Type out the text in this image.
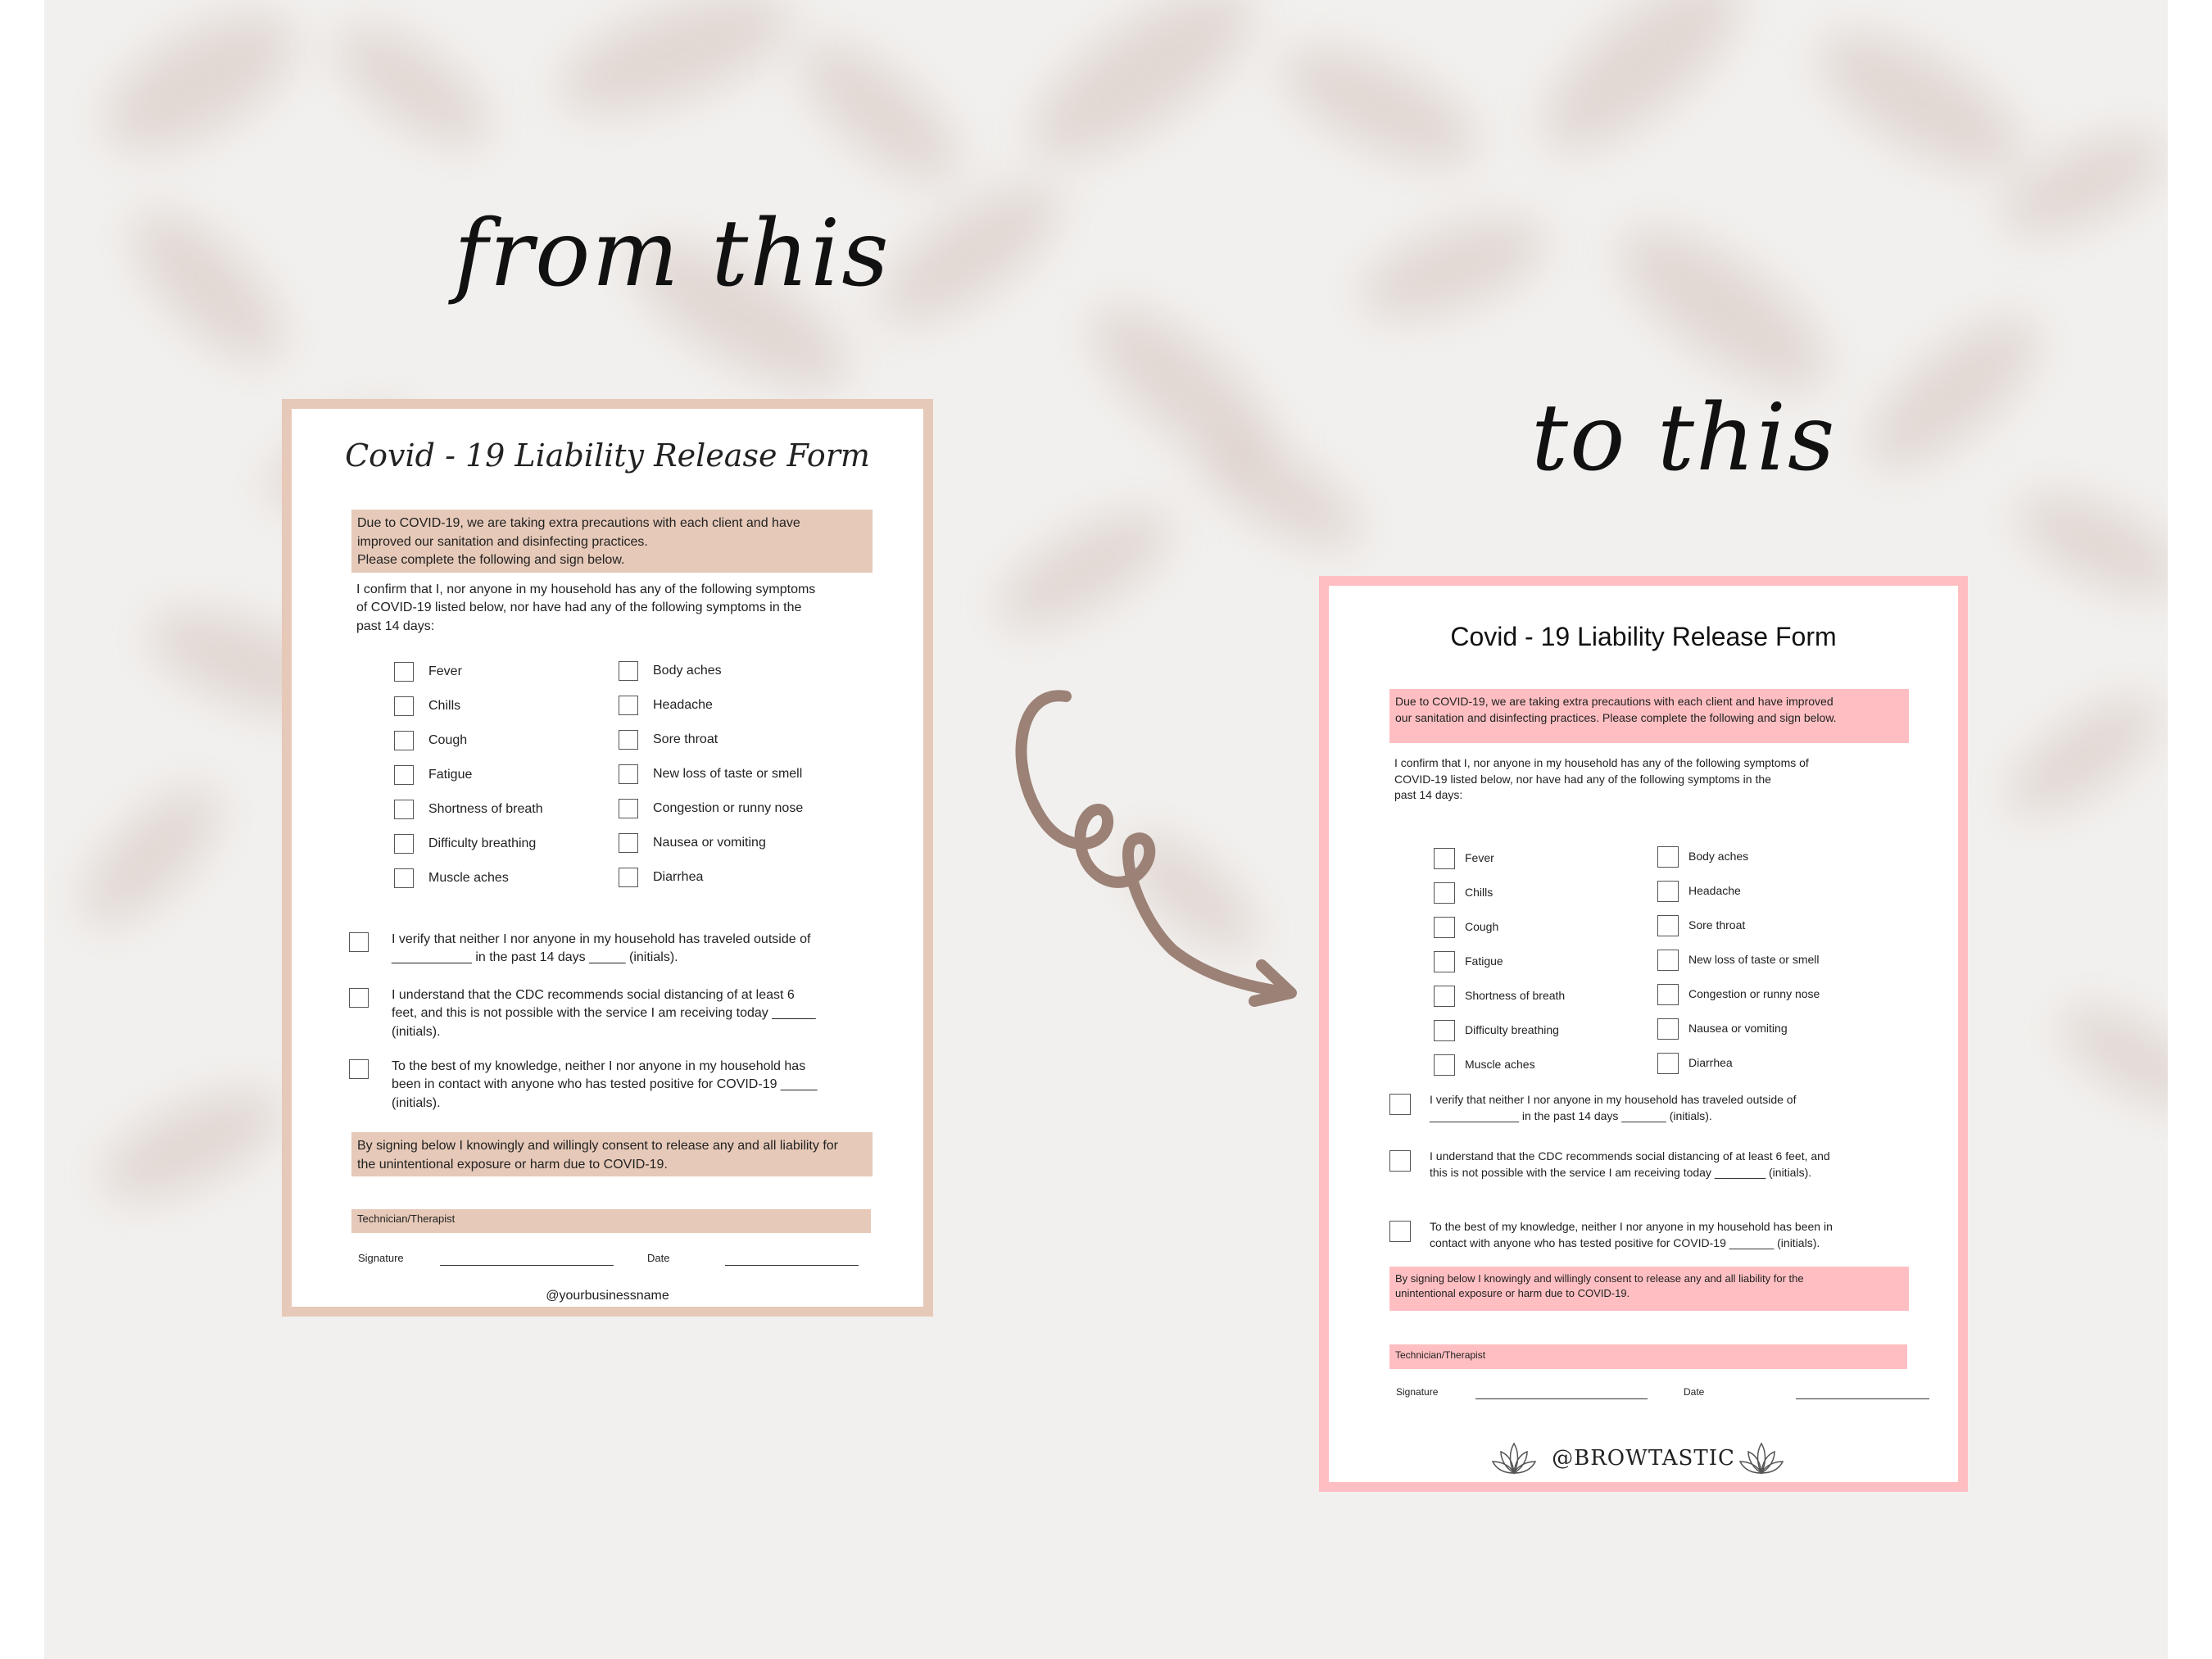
from this
to this
Covid - 19 Liability Release Form
Due to COVID-19, we are taking extra precautions with each client and have
improved our sanitation and disinfecting practices.
Please complete the following and sign below.
I confirm that I, nor anyone in my household has any of the following symptoms
of COVID-19 listed below, nor have had any of the following symptoms in the
past 14 days:
By signing below I knowingly and willingly consent to release any and all liability for
the unintentional exposure or harm due to COVID-19.
Technician/Therapist
Signature	Date
@yourbusinessname
Fever
Chills
Cough
Fatigue
Shortness of breath
Difficulty breathing
Muscle aches
Body aches
Headache
Sore throat
New loss of taste or smell
Congestion or runny nose
Nausea or vomiting
Diarrhea
I verify that neither I nor anyone in my household has traveled outside of
___________ in the past 14 days _____ (initials).
I understand that the CDC recommends social distancing of at least 6
feet, and this is not possible with the service I am receiving today ______
(initials).
To the best of my knowledge, neither I nor anyone in my household has
been in contact with anyone who has tested positive for COVID-19 _____
(initials).
Covid - 19 Liability Release Form
Due to COVID-19, we are taking extra precautions with each client and have improved
our sanitation and disinfecting practices. Please complete the following and sign below.
I confirm that I, nor anyone in my household has any of the following symptoms of
COVID-19 listed below, nor have had any of the following symptoms in the
past 14 days:
By signing below I knowingly and willingly consent to release any and all liability for the
unintentional exposure or harm due to COVID-19.
Technician/Therapist
Signature	Date
@BROWTASTIC
Fever
Chills
Cough
Fatigue
Shortness of breath
Difficulty breathing
Muscle aches
Body aches
Headache
Sore throat
New loss of taste or smell
Congestion or runny nose
Nausea or vomiting
Diarrhea
I verify that neither I nor anyone in my household has traveled outside of
______________ in the past 14 days _______ (initials).
I understand that the CDC recommends social distancing of at least 6 feet, and
this is not possible with the service I am receiving today ________ (initials).
To the best of my knowledge, neither I nor anyone in my household has been in
contact with anyone who has tested positive for COVID-19 _______ (initials).
